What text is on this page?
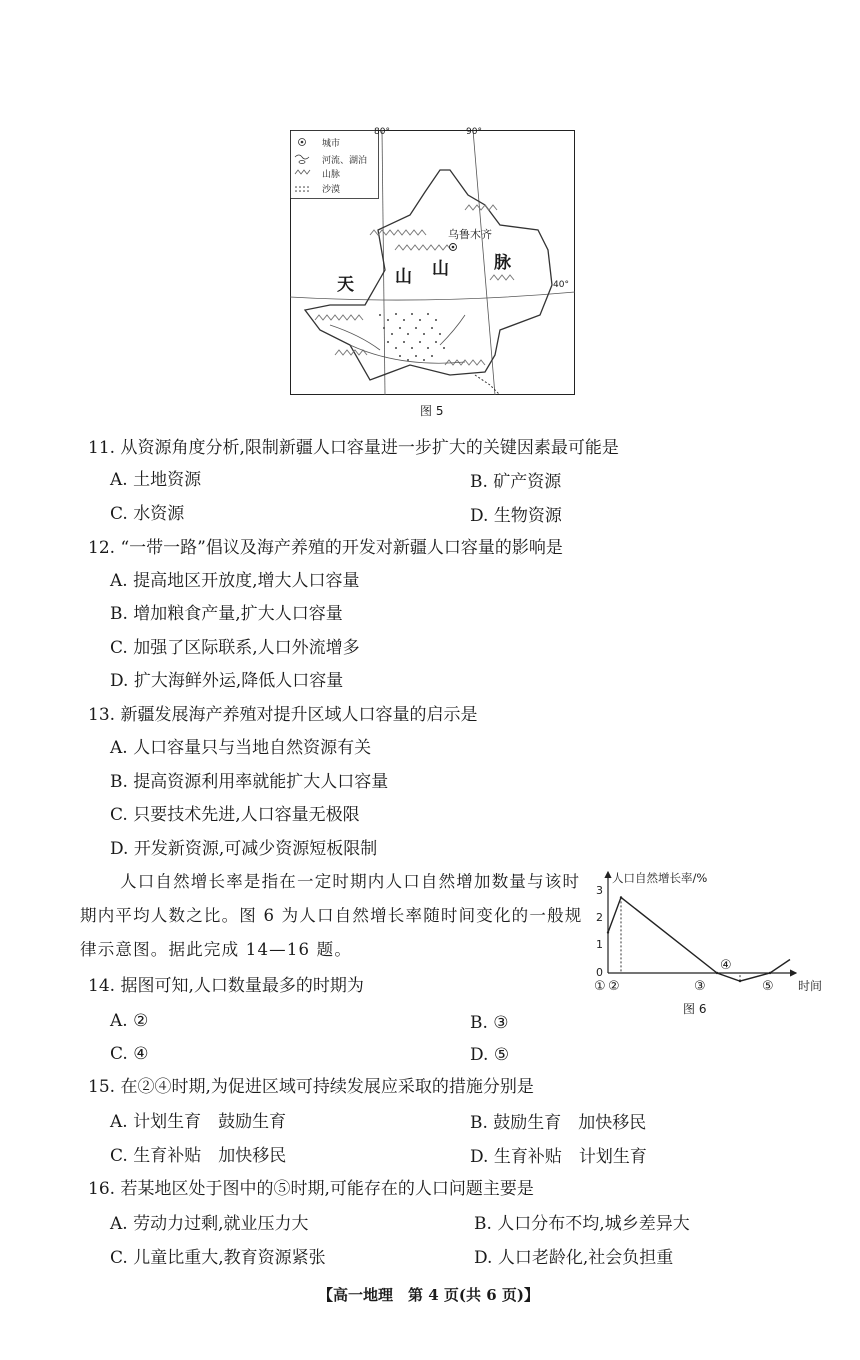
城市
河流、湖泊
山脉
沙漠
80°	90°
40°
乌鲁木齐
天 山 山	脉
图 5
11. 从资源角度分析,限制新疆人口容量进一步扩大的关键因素最可能是
A. 土地资源	B. 矿产资源
C. 水资源	D. 生物资源
12. “一带一路”倡议及海产养殖的开发对新疆人口容量的影响是
A. 提高地区开放度,增大人口容量
B. 增加粮食产量,扩大人口容量
C. 加强了区际联系,人口外流增多
D. 扩大海鲜外运,降低人口容量
13. 新疆发展海产养殖对提升区域人口容量的启示是
A. 人口容量只与当地自然资源有关
B. 提高资源利用率就能扩大人口容量
C. 只要技术先进,人口容量无极限
D. 开发新资源,可减少资源短板限制
人口自然增长率是指在一定时期内人口自然增加数量与该时
期内平均人数之比。图 6 为人口自然增长率随时间变化的一般规
律示意图。据此完成 14—16 题。
① ②	③
④
⑤
人口自然增长率/%
时间
3
2
1
0
图 6
14. 据图可知,人口数量最多的时期为
A. ②	B. ③
C. ④	D. ⑤
15. 在②④时期,为促进区域可持续发展应采取的措施分别是
A. 计划生育　鼓励生育	B. 鼓励生育　加快移民
C. 生育补贴　加快移民	D. 生育补贴　计划生育
16. 若某地区处于图中的⑤时期,可能存在的人口问题主要是
A. 劳动力过剩,就业压力大	B. 人口分布不均,城乡差异大
C. 儿童比重大,教育资源紧张	D. 人口老龄化,社会负担重
【高一地理　第 4 页(共 6 页)】
